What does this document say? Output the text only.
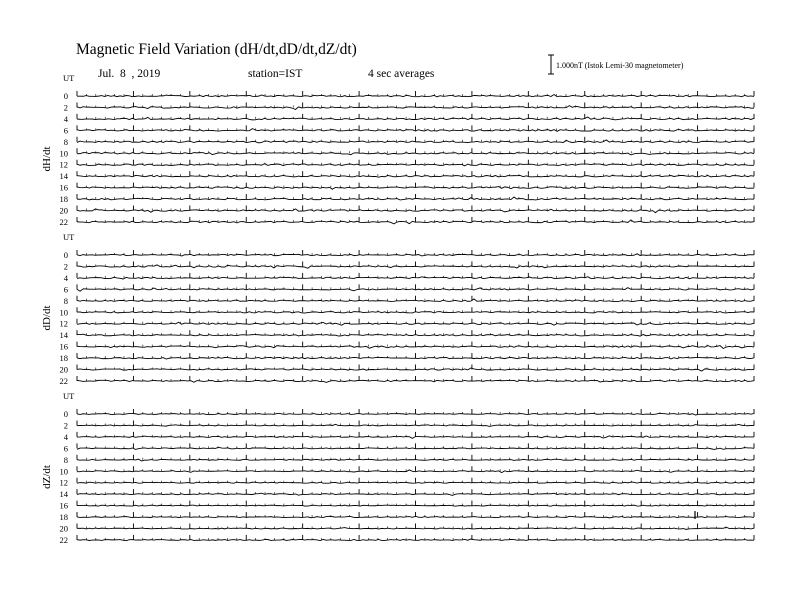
Magnetic Field Variation (dH/dt,dD/dt,dZ/dt)
Jul.  8  , 2019	station=IST	4 sec averages
1.000nT (Istok Lemi-30 magnetometer)
UT
dH/dt
0
2
4
6
8
10
12
14
16
18
20
22
UT
dD/dt
0
2
4
6
8
10
12
14
16
18
20
22
UT
dZ/dt
0
2
4
6
8
10
12
14
16
18
20
22
